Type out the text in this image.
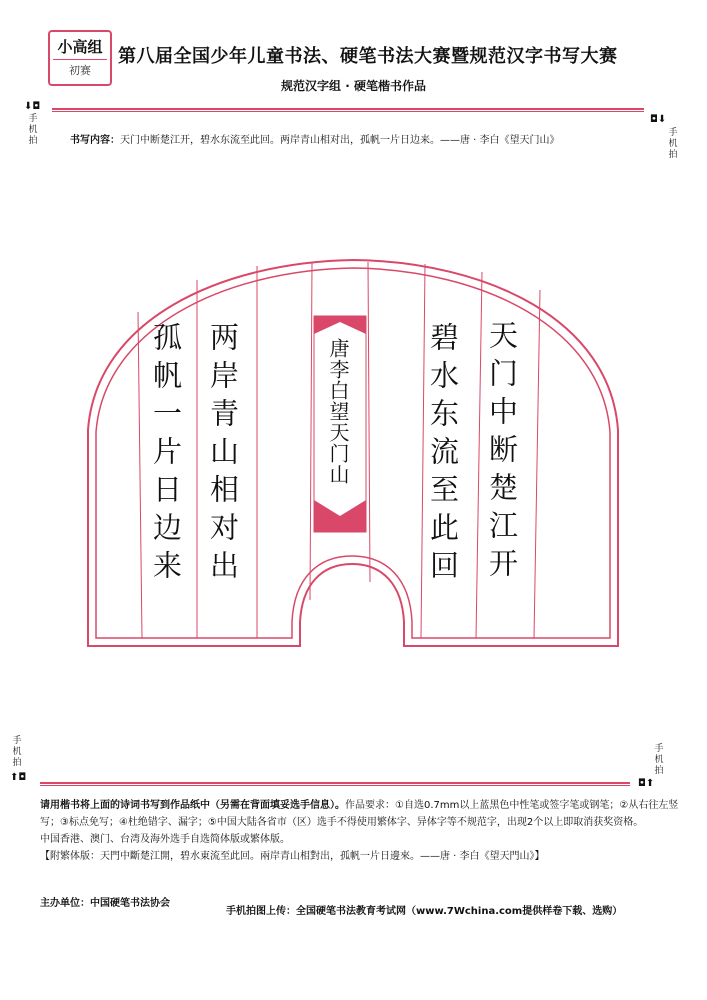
小高组
初赛
第八届全国少年儿童书法、硬笔书法大赛暨规范汉字书写大赛
规范汉字组 · 硬笔楷书作品
⬇◘
手机拍
◘⬇
手机拍
书写内容：天门中断楚江开，碧水东流至此回。两岸青山相对出，孤帆一片日边来。——唐 · 李白《望天门山》
天门中断楚江开
碧水东流至此回
两岸青山相对出
孤帆一片日边来	唐李白望天门山
手机拍
⬆◘
手机拍
◘⬆
请用楷书将上面的诗词书写到作品纸中（另需在背面填妥选手信息）。作品要求：①自选0.7mm以上蓝黑色中性笔或签字笔或钢笔；②从右往左竖写；③标点免写；④杜绝错字、漏字；⑤中国大陆各省市（区）选手不得使用繁体字、异体字等不规范字，出现2个以上即取消获奖资格。
中国香港、澳门、台湾及海外选手自选简体版或繁体版。
【附繁体版：天門中斷楚江開，碧水東流至此回。兩岸青山相對出，孤帆一片日邊來。——唐 · 李白《望天門山》】
主办单位：中国硬笔书法协会
手机拍图上传：全国硬笔书法教育考试网（www.7Wchina.com提供样卷下载、选购）
